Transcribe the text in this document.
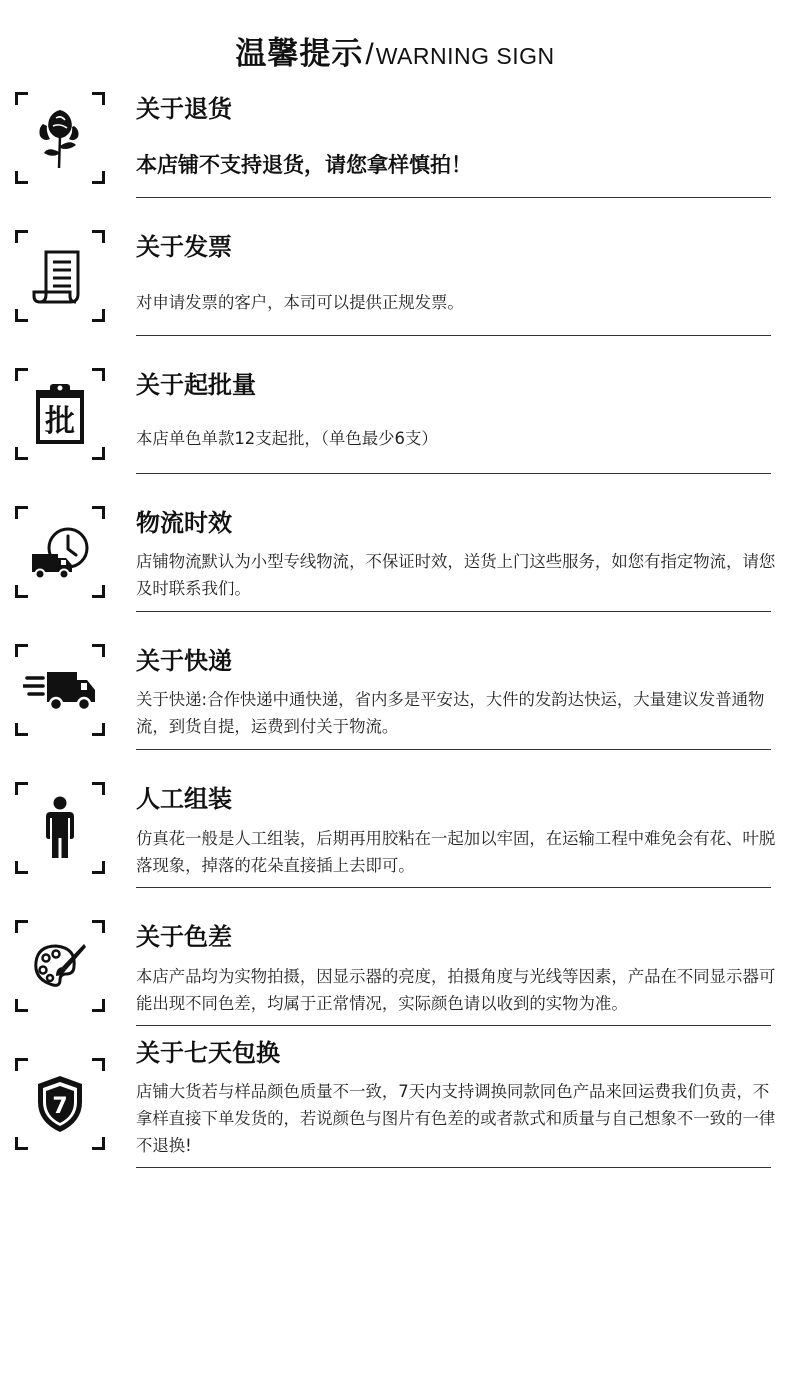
温馨提示/WARNING SIGN
关于退货

本店铺不支持退货，请您拿样慎拍！

关于发票

对申请发票的客户，本司可以提供正规发票。

批
关于起批量

本店单色单款12支起批，（单色最少6支）

物流时效

店铺物流默认为小型专线物流，不保证时效，送货上门这些服务，如您有指定物流，请您及时联系我们。

关于快递

关于快递:合作快递中通快递，省内多是平安达，大件的发韵达快运，大量建议发普通物流，到货自提，运费到付关于物流。

人工组装

仿真花一般是人工组装，后期再用胶粘在一起加以牢固，在运输工程中难免会有花、叶脱落现象，掉落的花朵直接插上去即可。

关于色差

本店产品均为实物拍摄，因显示器的亮度，拍摄角度与光线等因素，产品在不同显示器可能出现不同色差，均属于正常情况，实际颜色请以收到的实物为准。

7
关于七天包换

店铺大货若与样品颜色质量不一致，7天内支持调换同款同色产品来回运费我们负责，不拿样直接下单发货的，若说颜色与图片有色差的或者款式和质量与自己想象不一致的一律不退换!
